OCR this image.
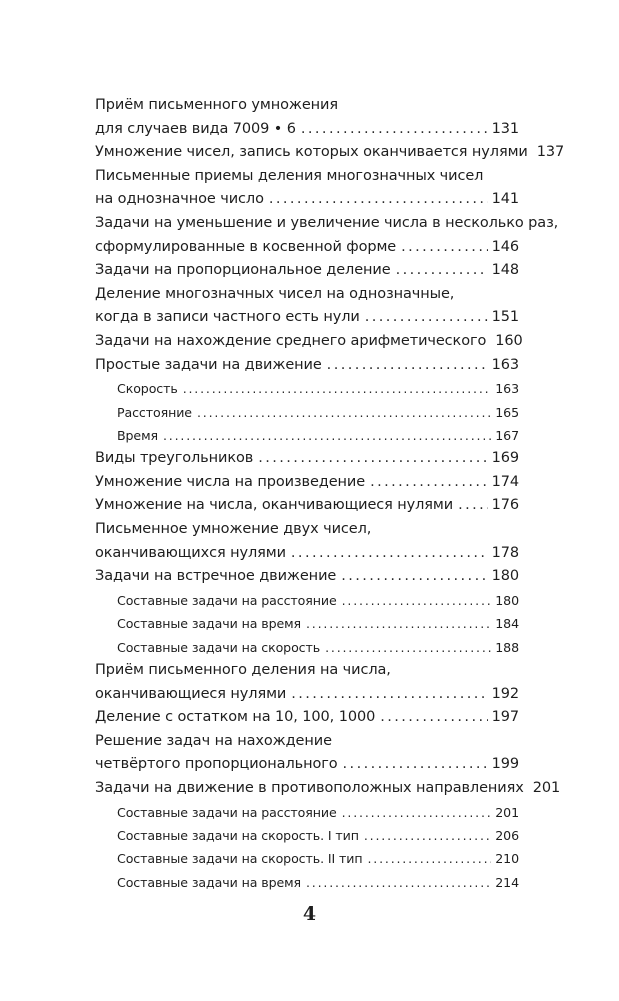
Приём письменного умножения
для случаев вида 7009 • 6 . . .	131
Умножение чисел, запись которых оканчивается нулями 137
Письменные приемы деления многозначных чисел
на однозначное число . . .	141
Задачи на уменьшение и увеличение числа в несколько раз,
сформулированные в косвенной форме . . .	146
Задачи на пропорциональное деление . . .	148
Деление многозначных чисел на однозначные,
когда в записи частного есть нули . . .	151
Задачи на нахождение среднего арифметического 160
Простые задачи на движение . . .	163
Скорость . . .	163
Расстояние . . .	165
Время . . .	167
Виды треугольников . . .	169
Умножение числа на произведение . . .	174
Умножение на числа, оканчивающиеся нулями . . .	176
Письменное умножение двух чисел,
оканчивающихся нулями . . .	178
Задачи на встречное движение . . .	180
Составные задачи на расстояние . . .	180
Составные задачи на время . . .	184
Составные задачи на скорость . . .	188
Приём письменного деления на числа,
оканчивающиеся нулями . . .	192
Деление с остатком на 10, 100, 1000 . . .	197
Решение задач на нахождение
четвёртого пропорционального . . .	199
Задачи на движение в противоположных направлениях 201
Составные задачи на расстояние . . .	201
Составные задачи на скорость. I тип . . .	206
Составные задачи на скорость. II тип . . .	210
Составные задачи на время . . .	214
4
